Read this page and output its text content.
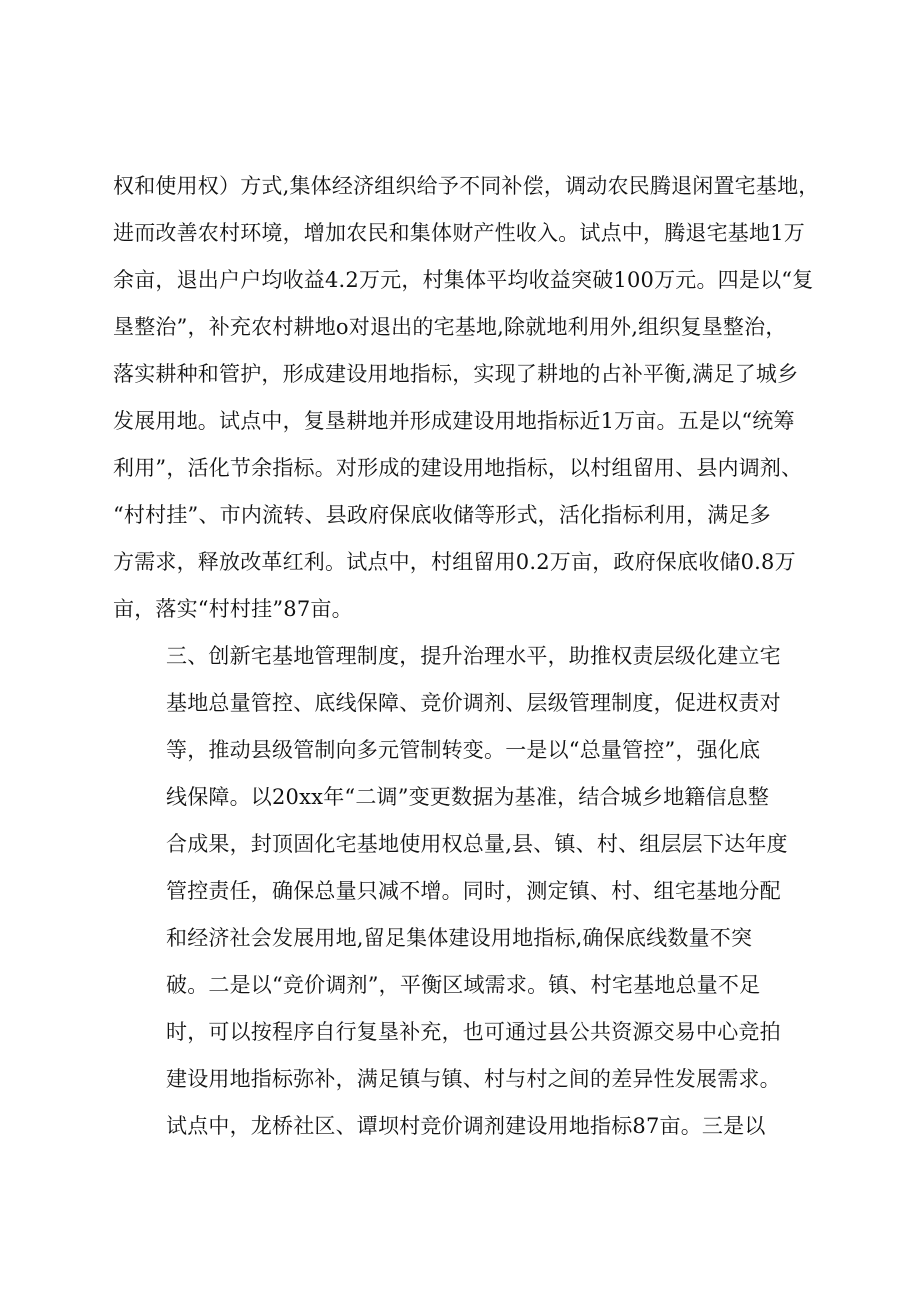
权和使用权）方式,集体经济组织给予不同补偿，调动农民腾退闲置宅基地，
进而改善农村环境，增加农民和集体财产性收入。试点中，腾退宅基地1万
余亩，退出户户均收益4.2万元，村集体平均收益突破100万元。四是以“复
垦整治”，补充农村耕地o对退出的宅基地,除就地利用外,组织复垦整治，
落实耕种和管护，形成建设用地指标，实现了耕地的占补平衡,满足了城乡
发展用地。试点中，复垦耕地并形成建设用地指标近1万亩。五是以“统筹
利用”，活化节余指标。对形成的建设用地指标，以村组留用、县内调剂、
“村村挂”、市内流转、县政府保底收储等形式，活化指标利用，满足多
方需求，释放改革红利。试点中，村组留用0.2万亩，政府保底收储0.8万
亩，落实“村村挂”87亩。
三、创新宅基地管理制度，提升治理水平，助推权责层级化建立宅
基地总量管控、底线保障、竞价调剂、层级管理制度，促进权责对
等，推动县级管制向多元管制转变。一是以“总量管控”，强化底
线保障。以20xx年“二调”变更数据为基准，结合城乡地籍信息整
合成果，封顶固化宅基地使用权总量,县、镇、村、组层层下达年度
管控责任，确保总量只减不增。同时，测定镇、村、组宅基地分配
和经济社会发展用地,留足集体建设用地指标,确保底线数量不突
破。二是以“竞价调剂”，平衡区域需求。镇、村宅基地总量不足
时，可以按程序自行复垦补充，也可通过县公共资源交易中心竞拍
建设用地指标弥补，满足镇与镇、村与村之间的差异性发展需求。
试点中，龙桥社区、谭坝村竞价调剂建设用地指标87亩。三是以
